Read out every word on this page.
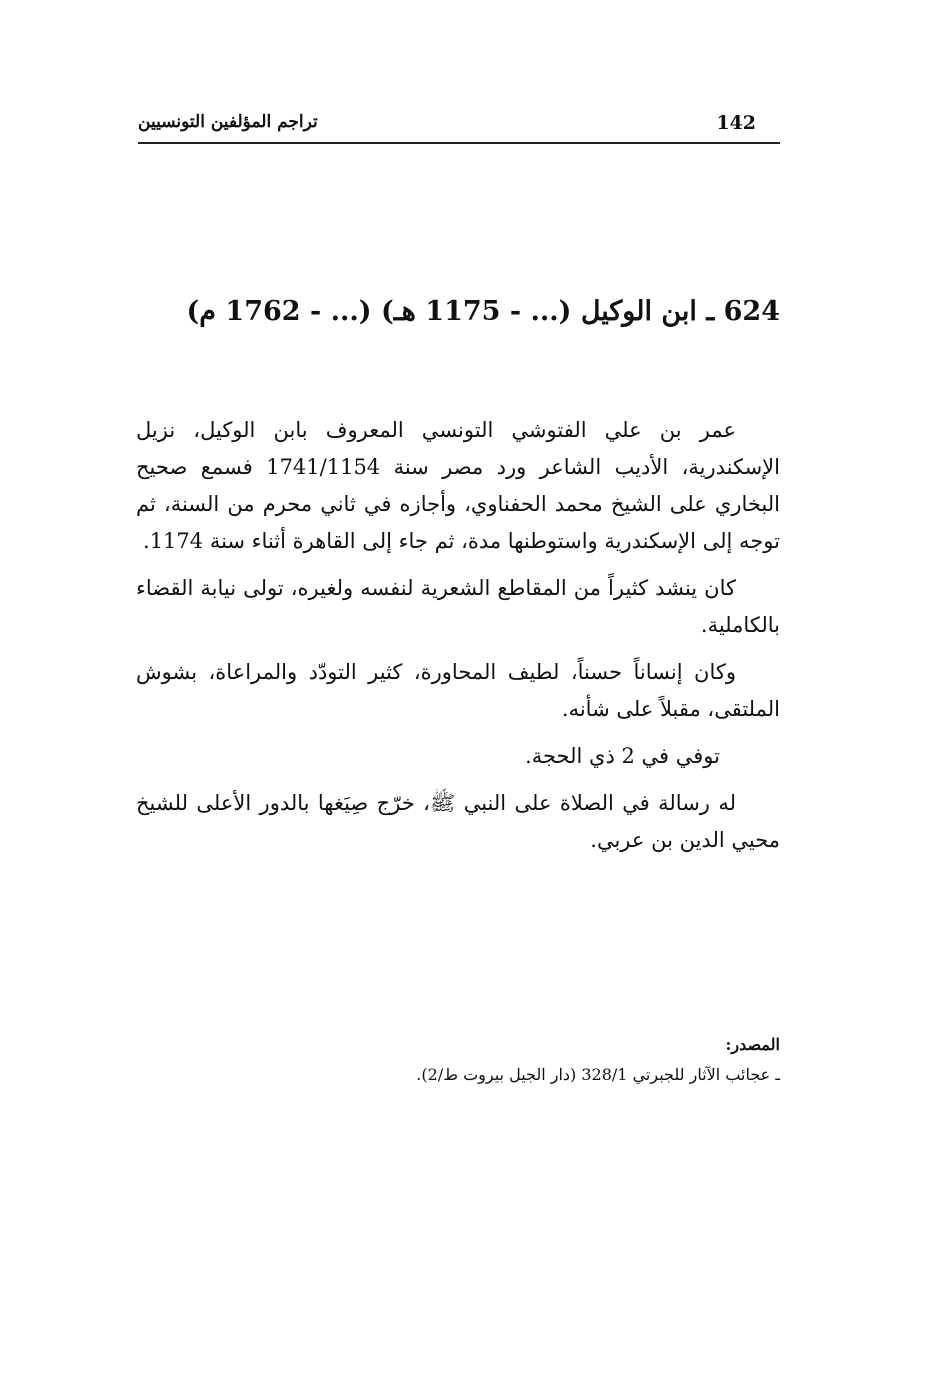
142
تراجم المؤلفين التونسيين
624 ـ ابن الوكيل (... - 1175 هـ) (... - 1762 م)

عمر بن علي الفتوشي التونسي المعروف بابن الوكيل، نزيل الإسكندرية، الأديب الشاعر ورد مصر سنة 1741/1154 فسمع صحيح البخاري على الشيخ محمد الحفناوي، وأجازه في ثاني محرم من السنة، ثم توجه إلى الإسكندرية واستوطنها مدة، ثم جاء إلى القاهرة أثناء سنة 1174.

كان ينشد كثيراً من المقاطع الشعرية لنفسه ولغيره، تولى نيابة القضاء بالكاملية.

وكان إنساناً حسناً، لطيف المحاورة، كثير التودّد والمراعاة، بشوش الملتقى، مقبلاً على شأنه.

توفي في 2 ذي الحجة.

له رسالة في الصلاة على النبي ﷺ، خرّج صِيَغها بالدور الأعلى للشيخ محيي الدين بن عربي.

المصدر:

ـ عجائب الآثار للجبرتي 328/1 (دار الجيل بيروت ط/2).
